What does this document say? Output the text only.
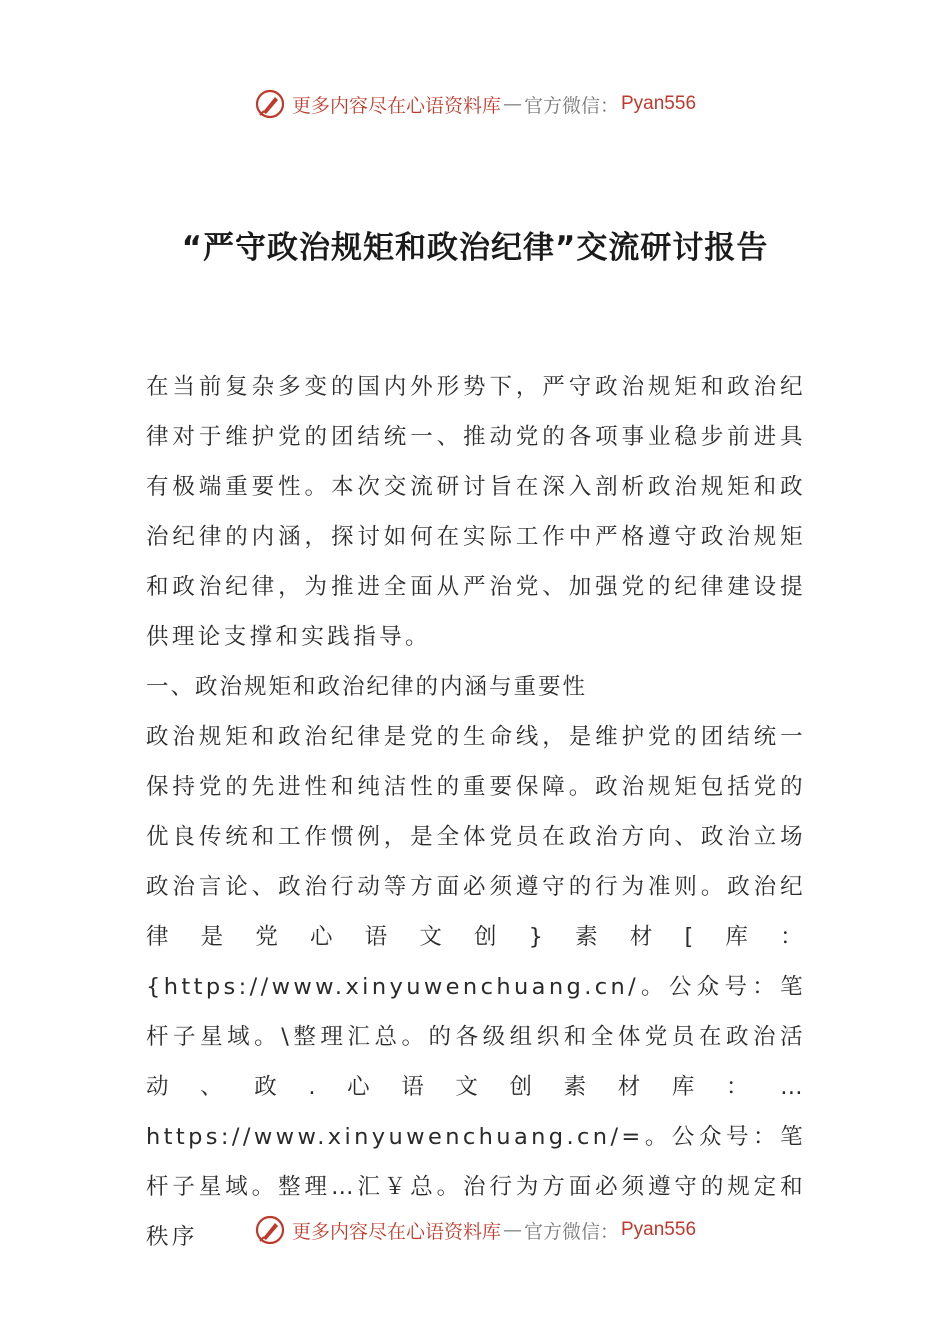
更多内容尽在心语资料库 — 官方微信： Pyan556
“严守政治规矩和政治纪律”交流研讨报告

在当前复杂多变的国内外形势下，严守政治规矩和政治纪律对于维护党的团结统一、推动党的各项事业稳步前进具有极端重要性。本次交流研讨旨在深入剖析政治规矩和政治纪律的内涵，探讨如何在实际工作中严格遵守政治规矩和政治纪律，为推进全面从严治党、加强党的纪律建设提供理论支撑和实践指导。

一、政治规矩和政治纪律的内涵与重要性

政治规矩和政治纪律是党的生命线，是维护党的团结统一保持党的先进性和纯洁性的重要保障。政治规矩包括党的优良传统和工作惯例，是全体党员在政治方向、政治立场政治言论、政治行动等方面必须遵守的行为准则。政治纪律是党心语文创}素材[库：{https://www.xinyuwenchuang.cn/。公众号：笔杆子星域。\整理汇总。的各级组织和全体党员在政治活动、政.心语文创素材库：…https://www.xinyuwenchuang.cn/=。公众号：笔杆子星域。整理…汇￥总。治行为方面必须遵守的规定和秩序	更多内容尽在心语资料库 — 官方微信： Pyan556
